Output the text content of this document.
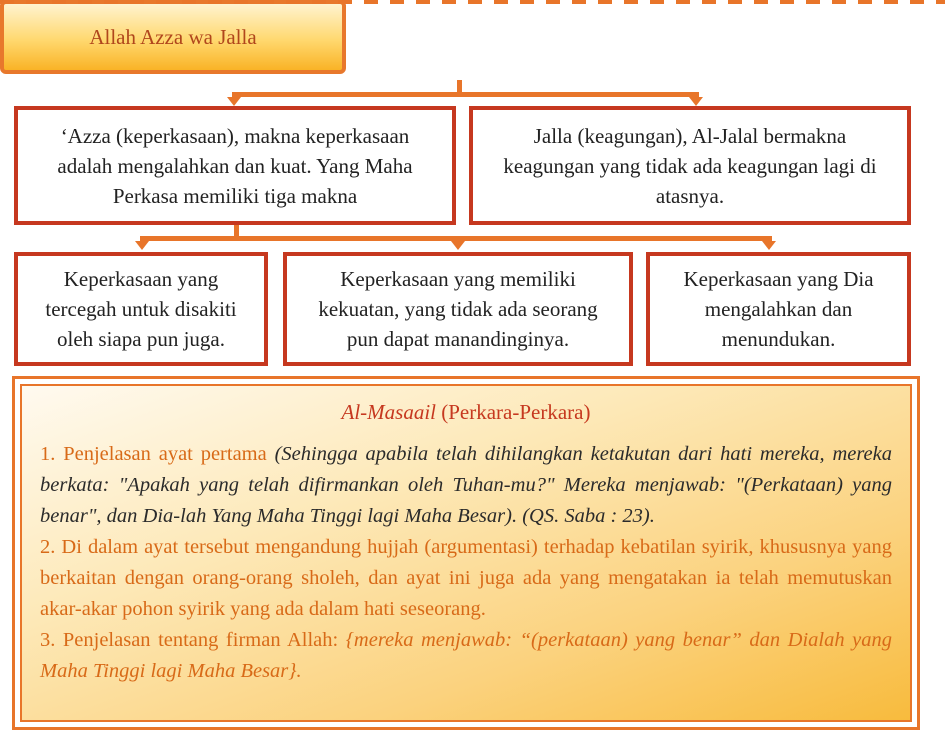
Allah Azza wa Jalla
‘Azza (keperkasaan), makna keperkasaan adalah mengalahkan dan kuat. Yang Maha Perkasa memiliki tiga makna
Jalla (keagungan), Al-Jalal bermakna keagungan yang tidak ada keagungan lagi di atasnya.
Keperkasaan yang tercegah untuk disakiti oleh siapa pun juga.
Keperkasaan yang memiliki kekuatan, yang tidak ada seorang pun dapat manandinginya.
Keperkasaan yang Dia mengalahkan dan menundukan.
Al-Masaail (Perkara-Perkara)

1. Penjelasan ayat pertama (Sehingga apabila telah dihilangkan ketakutan dari hati mereka, mereka berkata: "Apakah yang telah difirmankan oleh Tuhan-mu?" Mereka menjawab: "(Perkataan) yang benar", dan Dia-lah Yang Maha Tinggi lagi Maha Besar). (QS. Saba : 23).

2. Di dalam ayat tersebut mengandung hujjah (argumentasi) terhadap kebatilan syirik, khususnya yang berkaitan dengan orang-orang sholeh, dan ayat ini juga ada yang mengatakan ia telah memutuskan akar-akar pohon syirik yang ada dalam hati seseorang.

3. Penjelasan tentang firman Allah: {mereka menjawab: “(perkataan) yang benar” dan Dialah yang Maha Tinggi lagi Maha Besar}.
